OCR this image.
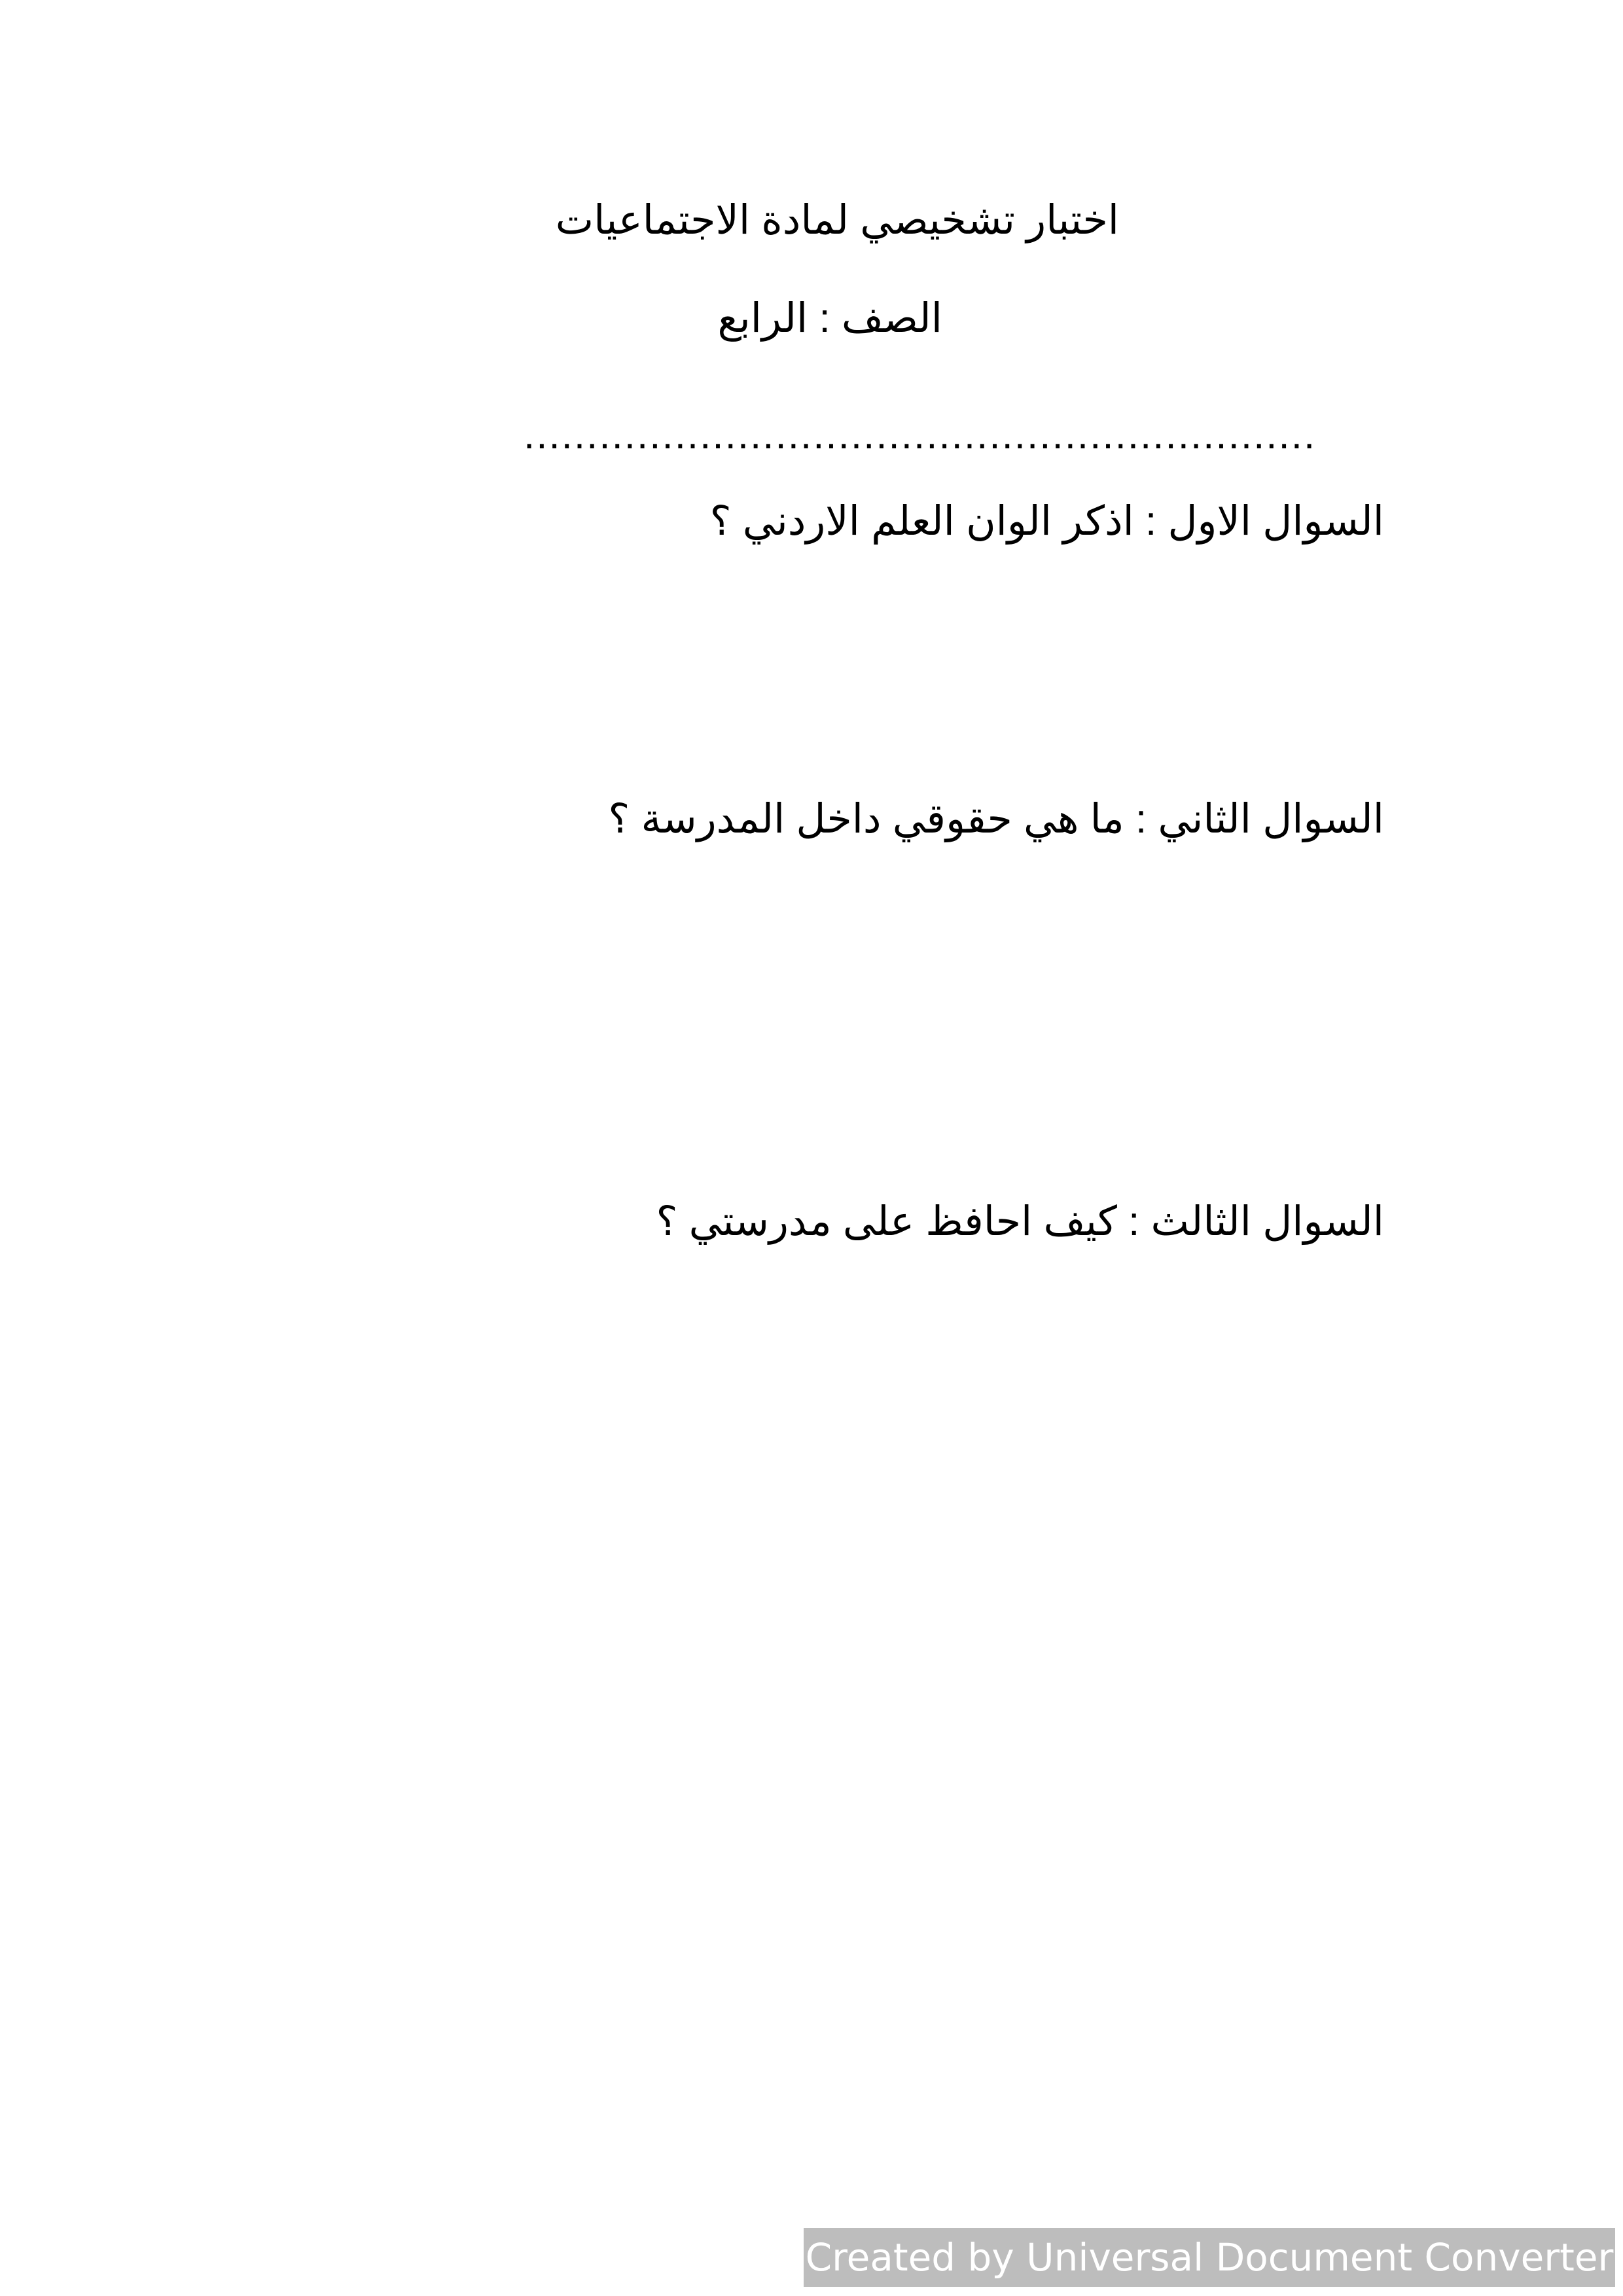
اختبار تشخيصي لمادة الاجتماعيات
الصف : الرابع
...............................................................
السوال الاول : اذكر الوان العلم الاردني ؟
السوال الثاني : ما هي حقوقي داخل المدرسة ؟
السوال الثالث : كيف احافظ على مدرستي ؟
Created by Universal Document Converter
